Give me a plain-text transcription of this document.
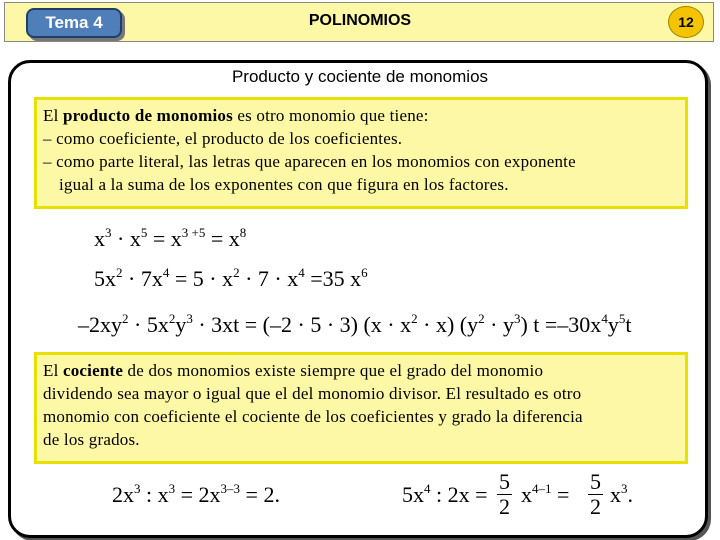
Tema 4	POLINOMIOS	12
Producto y cociente de monomios
El producto de monomios es otro monomio que tiene:
– como coeficiente, el producto de los coeficientes.
– como parte literal, las letras que aparecen en los monomios con exponente
igual a la suma de los exponentes con que figura en los factores.
$x^3 \cdot x^5 = x^{3 +5} = x^8$
$5x^2 \cdot 7x^4 = 5 \cdot x^2 \cdot 7 \cdot x^4 =35$ $x^6$
$-2xy^2 \cdot 5x^2y^3 \cdot 3xt = (-2 \cdot 5 \cdot 3) (x \cdot x^2 \cdot x) (y^2 \cdot y^3)$ $t =-30x^4y^5t$
El cociente de dos monomios existe siempre que el grado del monomio
dividendo sea mayor o igual que el del monomio divisor. El resultado es otro
monomio con coeficiente el cociente de los coeficientes y grado la diferencia
de los grados.
$2x^3$ : $x^3 = 2x^{3-3} = 2$.	$5x^4$ : $2x = \frac{5}{2} x^{4-1} = \frac{5}{2} x^3$.
